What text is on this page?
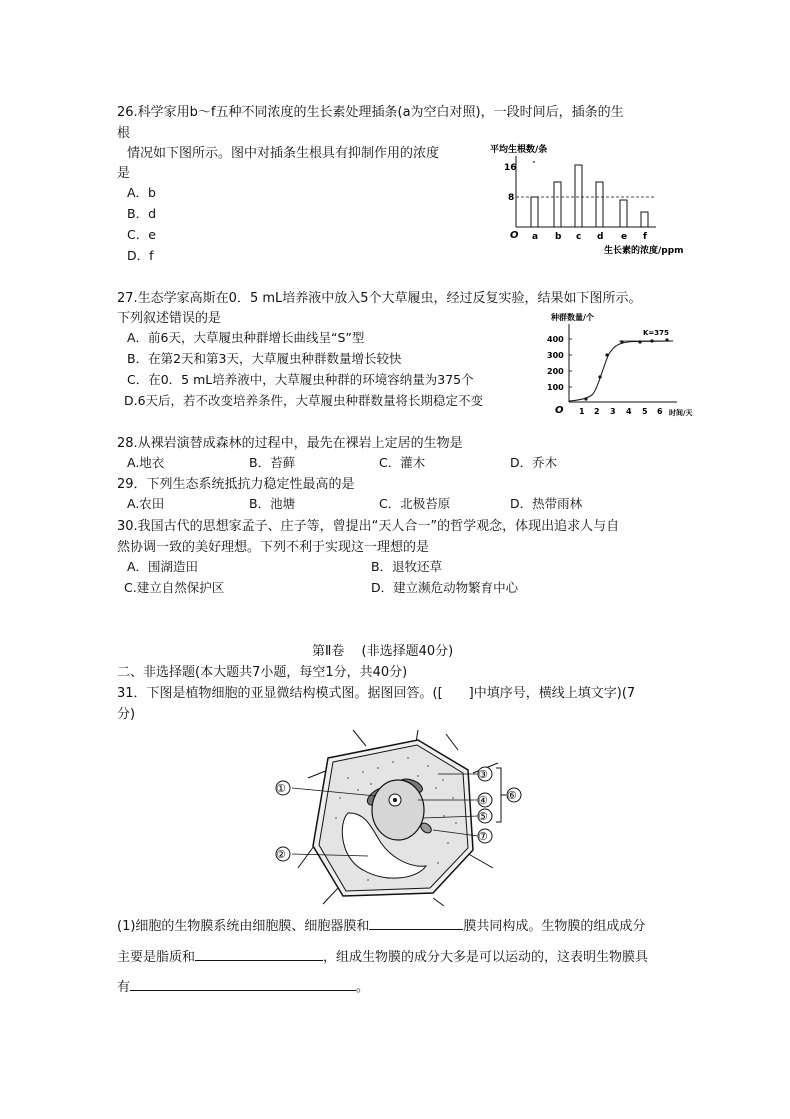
26.科学家用b～f五种不同浓度的生长素处理插条(a为空白对照)，一段时间后，插条的生
根
情况如下图所示。图中对插条生根具有抑制作用的浓度
是
A．b
B．d
C．e
D．f
平均生根数/条
16
8
O a b c d e f
生长素的浓度/ppm
27.生态学家高斯在0．5 mL培养液中放入5个大草履虫，经过反复实验，结果如下图所示。
下列叙述错误的是
A．前6天，大草履虫种群增长曲线呈“S”型
B．在第2天和第3天，大草履虫种群数量增长较快
C．在0．5 mL培养液中，大草履虫种群的环境容纳量为375个
D.6天后，若不改变培养条件，大草履虫种群数量将长期稳定不变
种群数量/个
400
300
200
100
K=375
O 1 2 3 4 5 6 时间/天
28.从裸岩演替成森林的过程中，最先在裸岩上定居的生物是
A.地衣	B．苔藓	C．灌木	D．乔木
29．下列生态系统抵抗力稳定性最高的是
A.农田	B．池塘	C．北极苔原	D．热带雨林
30.我国古代的思想家孟子、庄子等，曾提出“天人合一”的哲学观念，体现出追求人与自
然协调一致的美好理想。下列不利于实现这一理想的是
A．围湖造田	B．退牧还草
C.建立自然保护区	D．建立濒危动物繁育中心
第Ⅱ卷　 (非选择题40分)
二、非选择题(本大题共7小题，每空1分，共40分)
31．下图是植物细胞的亚显微结构模式图。据图回答。([　　]中填序号，横线上填文字)(7
分)
①
②
③
④
⑤
⑦
⑥
(1)细胞的生物膜系统由细胞膜、细胞器膜和	膜共同构成。生物膜的组成成分
主要是脂质和	，组成生物膜的成分大多是可以运动的，这表明生物膜具
有	。
